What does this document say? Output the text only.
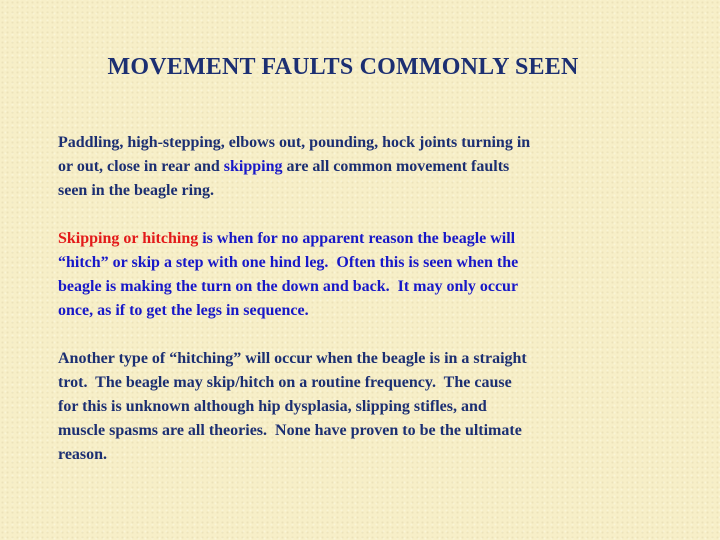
MOVEMENT FAULTS COMMONLY SEEN
Paddling, high-stepping, elbows out, pounding, hock joints turning in
or out, close in rear and skipping are all common movement faults
seen in the beagle ring.
Skipping or hitching is when for no apparent reason the beagle will
“hitch” or skip a step with one hind leg.  Often this is seen when the
beagle is making the turn on the down and back.  It may only occur
once, as if to get the legs in sequence.
Another type of “hitching” will occur when the beagle is in a straight
trot.  The beagle may skip/hitch on a routine frequency.  The cause
for this is unknown although hip dysplasia, slipping stifles, and
muscle spasms are all theories.  None have proven to be the ultimate
reason.
